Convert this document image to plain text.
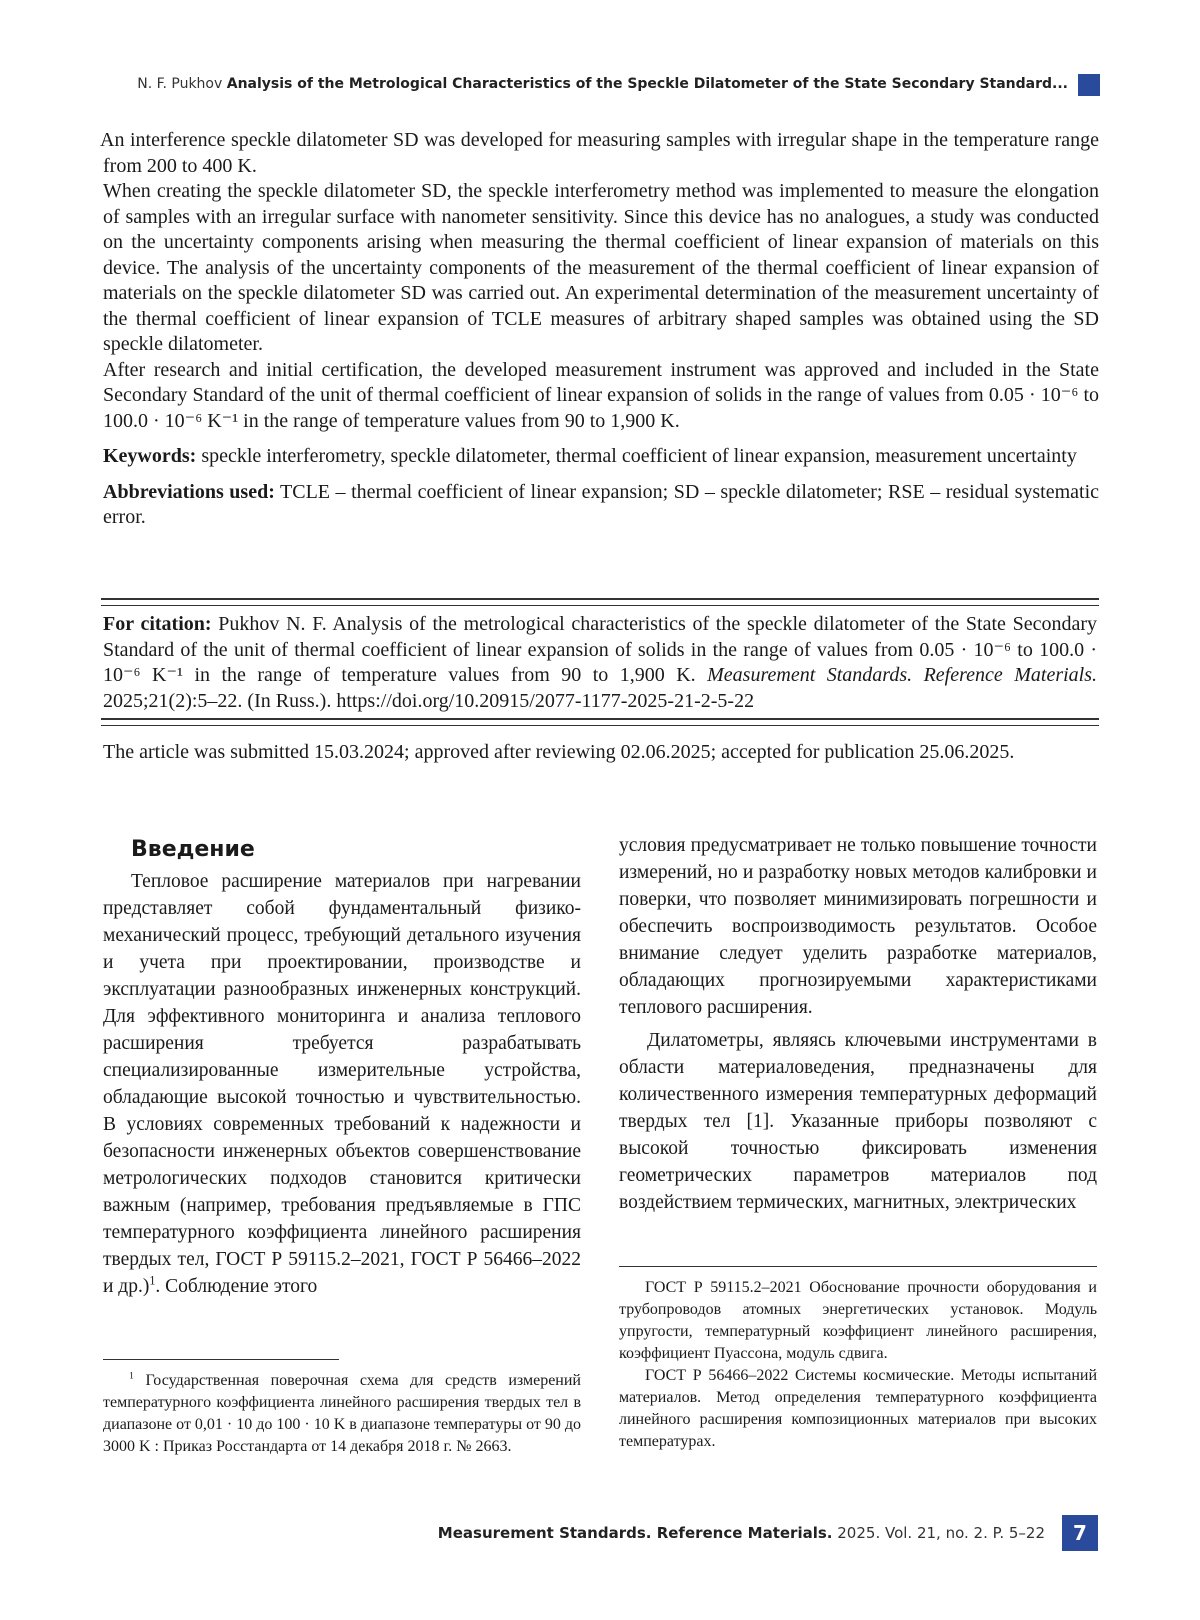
N. F. Pukhov Analysis of the Metrological Characteristics of the Speckle Dilatometer of the State Secondary Standard...

An interference speckle dilatometer SD was developed for measuring samples with irregular shape in the temperature range from 200 to 400 K.

When creating the speckle dilatometer SD, the speckle interferometry method was implemented to measure the elongation of samples with an irregular surface with nanometer sensitivity. Since this device has no analogues, a study was conducted on the uncertainty components arising when measuring the thermal coefficient of linear expansion of materials on this device. The analysis of the uncertainty components of the measurement of the thermal coefficient of linear expansion of materials on the speckle dilatometer SD was carried out. An experimental determination of the measurement uncertainty of the thermal coefficient of linear expansion of TCLE measures of arbitrary shaped samples was obtained using the SD speckle dilatometer.

After research and initial certification, the developed measurement instrument was approved and included in the State Secondary Standard of the unit of thermal coefficient of linear expansion of solids in the range of values from 0.05 · 10⁻⁶ to 100.0 · 10⁻⁶ K⁻¹ in the range of temperature values from 90 to 1,900 K.

Keywords: speckle interferometry, speckle dilatometer, thermal coefficient of linear expansion, measurement uncertainty

Abbreviations used: TCLE – thermal coefficient of linear expansion; SD – speckle dilatometer; RSE – residual systematic error.

For citation: Pukhov N. F. Analysis of the metrological characteristics of the speckle dilatometer of the State Secondary Standard of the unit of thermal coefficient of linear expansion of solids in the range of values from 0.05 · 10⁻⁶ to 100.0 · 10⁻⁶ K⁻¹ in the range of temperature values from 90 to 1,900 K. Measurement Standards. Reference Materials. 2025;21(2):5–22. (In Russ.). https://doi.org/10.20915/2077-1177-2025-21-2-5-22
The article was submitted 15.03.2024; approved after reviewing 02.06.2025; accepted for publication 25.06.2025.
Введение

Тепловое расширение материалов при нагревании представляет собой фундаментальный физико-механический процесс, требующий детального изучения и учета при проектировании, производстве и эксплуатации разнообразных инженерных конструкций. Для эффективного мониторинга и анализа теплового расширения требуется разрабатывать специализированные измерительные устройства, обладающие высокой точностью и чувствительностью. В условиях современных требований к надежности и безопасности инженерных объектов совершенствование метрологических подходов становится критически важным (например, требования предъявляемые в ГПС температурного коэффициента линейного расширения твердых тел, ГОСТ Р 59115.2–2021, ГОСТ Р 56466–2022 и др.)$^1$. Соблюдение этого

условия предусматривает не только повышение точности измерений, но и разработку новых методов калибровки и поверки, что позволяет минимизировать погрешности и обеспечить воспроизводимость результатов. Особое внимание следует уделить разработке материалов, обладающих прогнозируемыми характеристиками теплового расширения.

Дилатометры, являясь ключевыми инструментами в области материаловедения, предназначены для количественного измерения температурных деформаций твердых тел [1]. Указанные приборы позволяют с высокой точностью фиксировать изменения геометрических параметров материалов под воздействием термических, магнитных, электрических

$^1$ Государственная поверочная схема для средств измерений температурного коэффициента линейного расширения твердых тел в диапазоне от 0,01 · 10 до 100 · 10 K в диапазоне температуры от 90 до 3000 K : Приказ Росстандарта от 14 декабря 2018 г. № 2663.

ГОСТ Р 59115.2–2021 Обоснование прочности оборудования и трубопроводов атомных энергетических установок. Модуль упругости, температурный коэффициент линейного расширения, коэффициент Пуассона, модуль сдвига.

ГОСТ Р 56466–2022 Системы космические. Методы испытаний материалов. Метод определения температурного коэффициента линейного расширения композиционных материалов при высоких температурах.

Measurement Standards. Reference Materials. 2025. Vol. 21, no. 2. P. 5–22	7
